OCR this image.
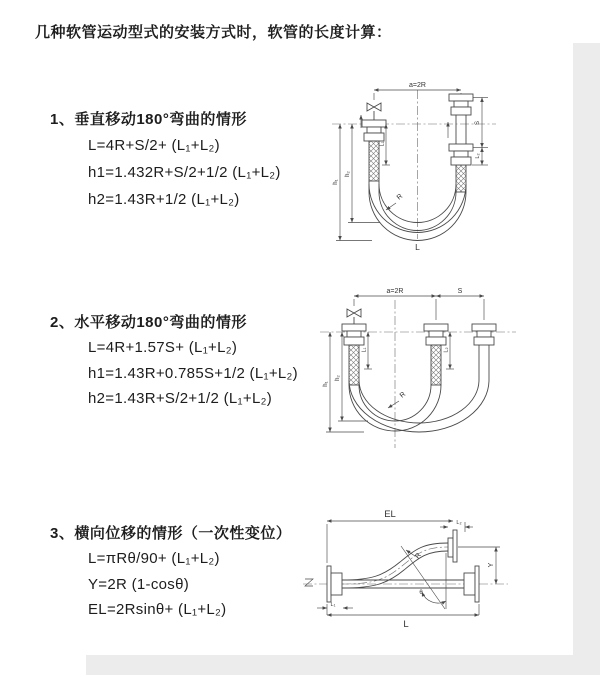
几种软管运动型式的安装方式时，软管的长度计算：
1、垂直移动180°弯曲的情形
L=4R+S/2+ (L₁+L₂)
h1=1.432R+S/2+1/2 (L₁+L₂)
h2=1.43R+1/2 (L₁+L₂)
2、水平移动180°弯曲的情形
L=4R+1.57S+ (L₁+L₂)
h1=1.43R+0.785S+1/2 (L₁+L₂)
h2=1.43R+S/2+1/2 (L₁+L₂)
3、横向位移的情形（一次性变位）
L=πRθ/90+ (L₁+L₂)
Y=2R (1-cosθ)
EL=2Rsinθ+ (L₁+L₂)
a=2R
R
h₁
h₂
L₁
S
L₂
L
a=2R	S
R
h₁
h₂
L₁	L₂
θ
R
EL
L₂
Y
L
L₁
